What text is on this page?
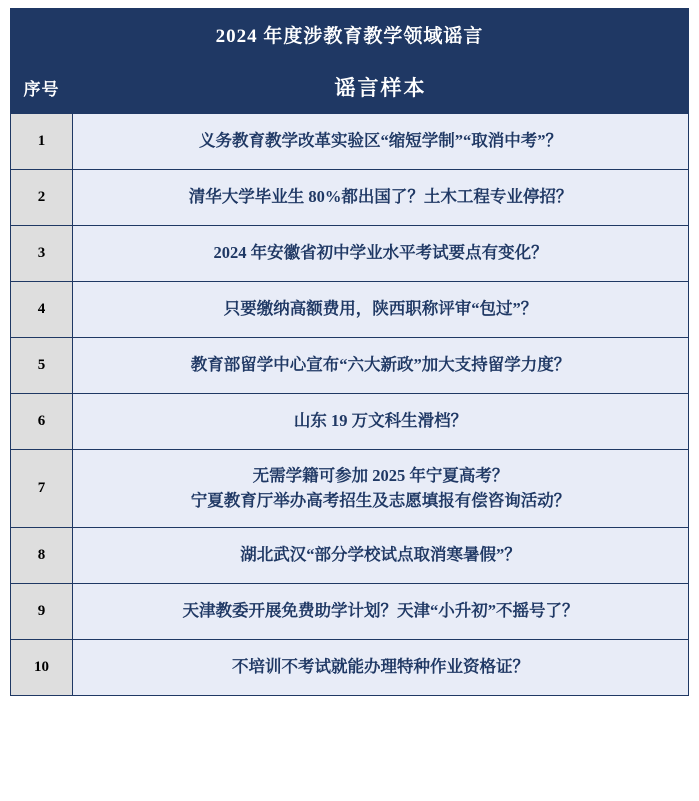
2024 年度涉教育教学领域谣言	
序号	谣言样本
1	义务教育教学改革实验区“缩短学制”“取消中考”？

2	清华大学毕业生 80%都出国了？土木工程专业停招？

3	2024 年安徽省初中学业水平考试要点有变化？

4	只要缴纳高额费用，陕西职称评审“包过”？

5	教育部留学中心宣布“六大新政”加大支持留学力度？

6	山东 19 万文科生滑档？

7	无需学籍可参加 2025 年宁夏高考？
宁夏教育厅举办高考招生及志愿填报有偿咨询活动？

8	湖北武汉“部分学校试点取消寒暑假”？

9	天津教委开展免费助学计划？天津“小升初”不摇号了？

10	不培训不考试就能办理特种作业资格证？
